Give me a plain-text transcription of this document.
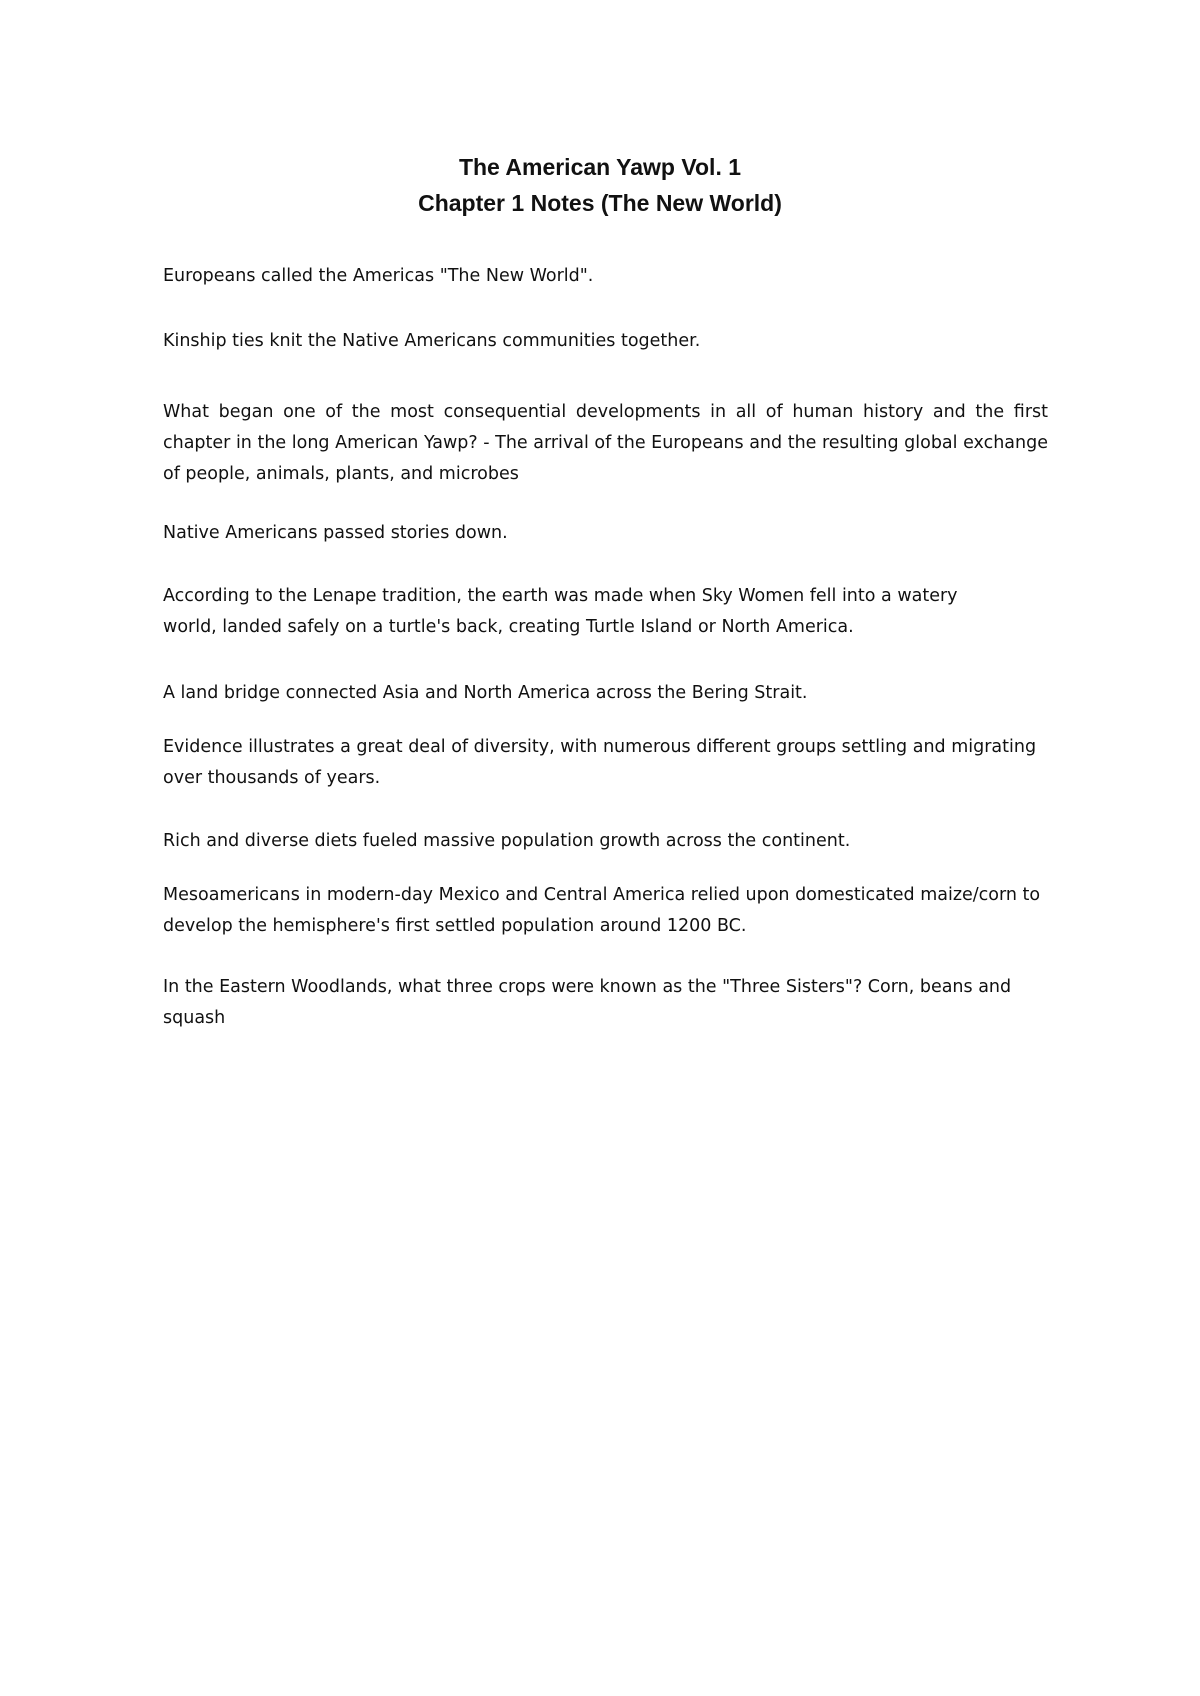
The American Yawp Vol. 1
Chapter 1 Notes (The New World)

Europeans called the Americas "The New World".

Kinship ties knit the Native Americans communities together.

What began one of the most consequential developments in all of human history and the first chapter in the long American Yawp? - The arrival of the Europeans and the resulting global exchange of people, animals, plants, and microbes

Native Americans passed stories down.

According to the Lenape tradition, the earth was made when Sky Women fell into a watery world, landed safely on a turtle's back, creating Turtle Island or North America.

A land bridge connected Asia and North America across the Bering Strait.

Evidence illustrates a great deal of diversity, with numerous different groups settling and migrating over thousands of years.

Rich and diverse diets fueled massive population growth across the continent.

Mesoamericans in modern-day Mexico and Central America relied upon domesticated maize/corn to develop the hemisphere's first settled population around 1200 BC.

In the Eastern Woodlands, what three crops were known as the "Three Sisters"? Corn, beans and squash
